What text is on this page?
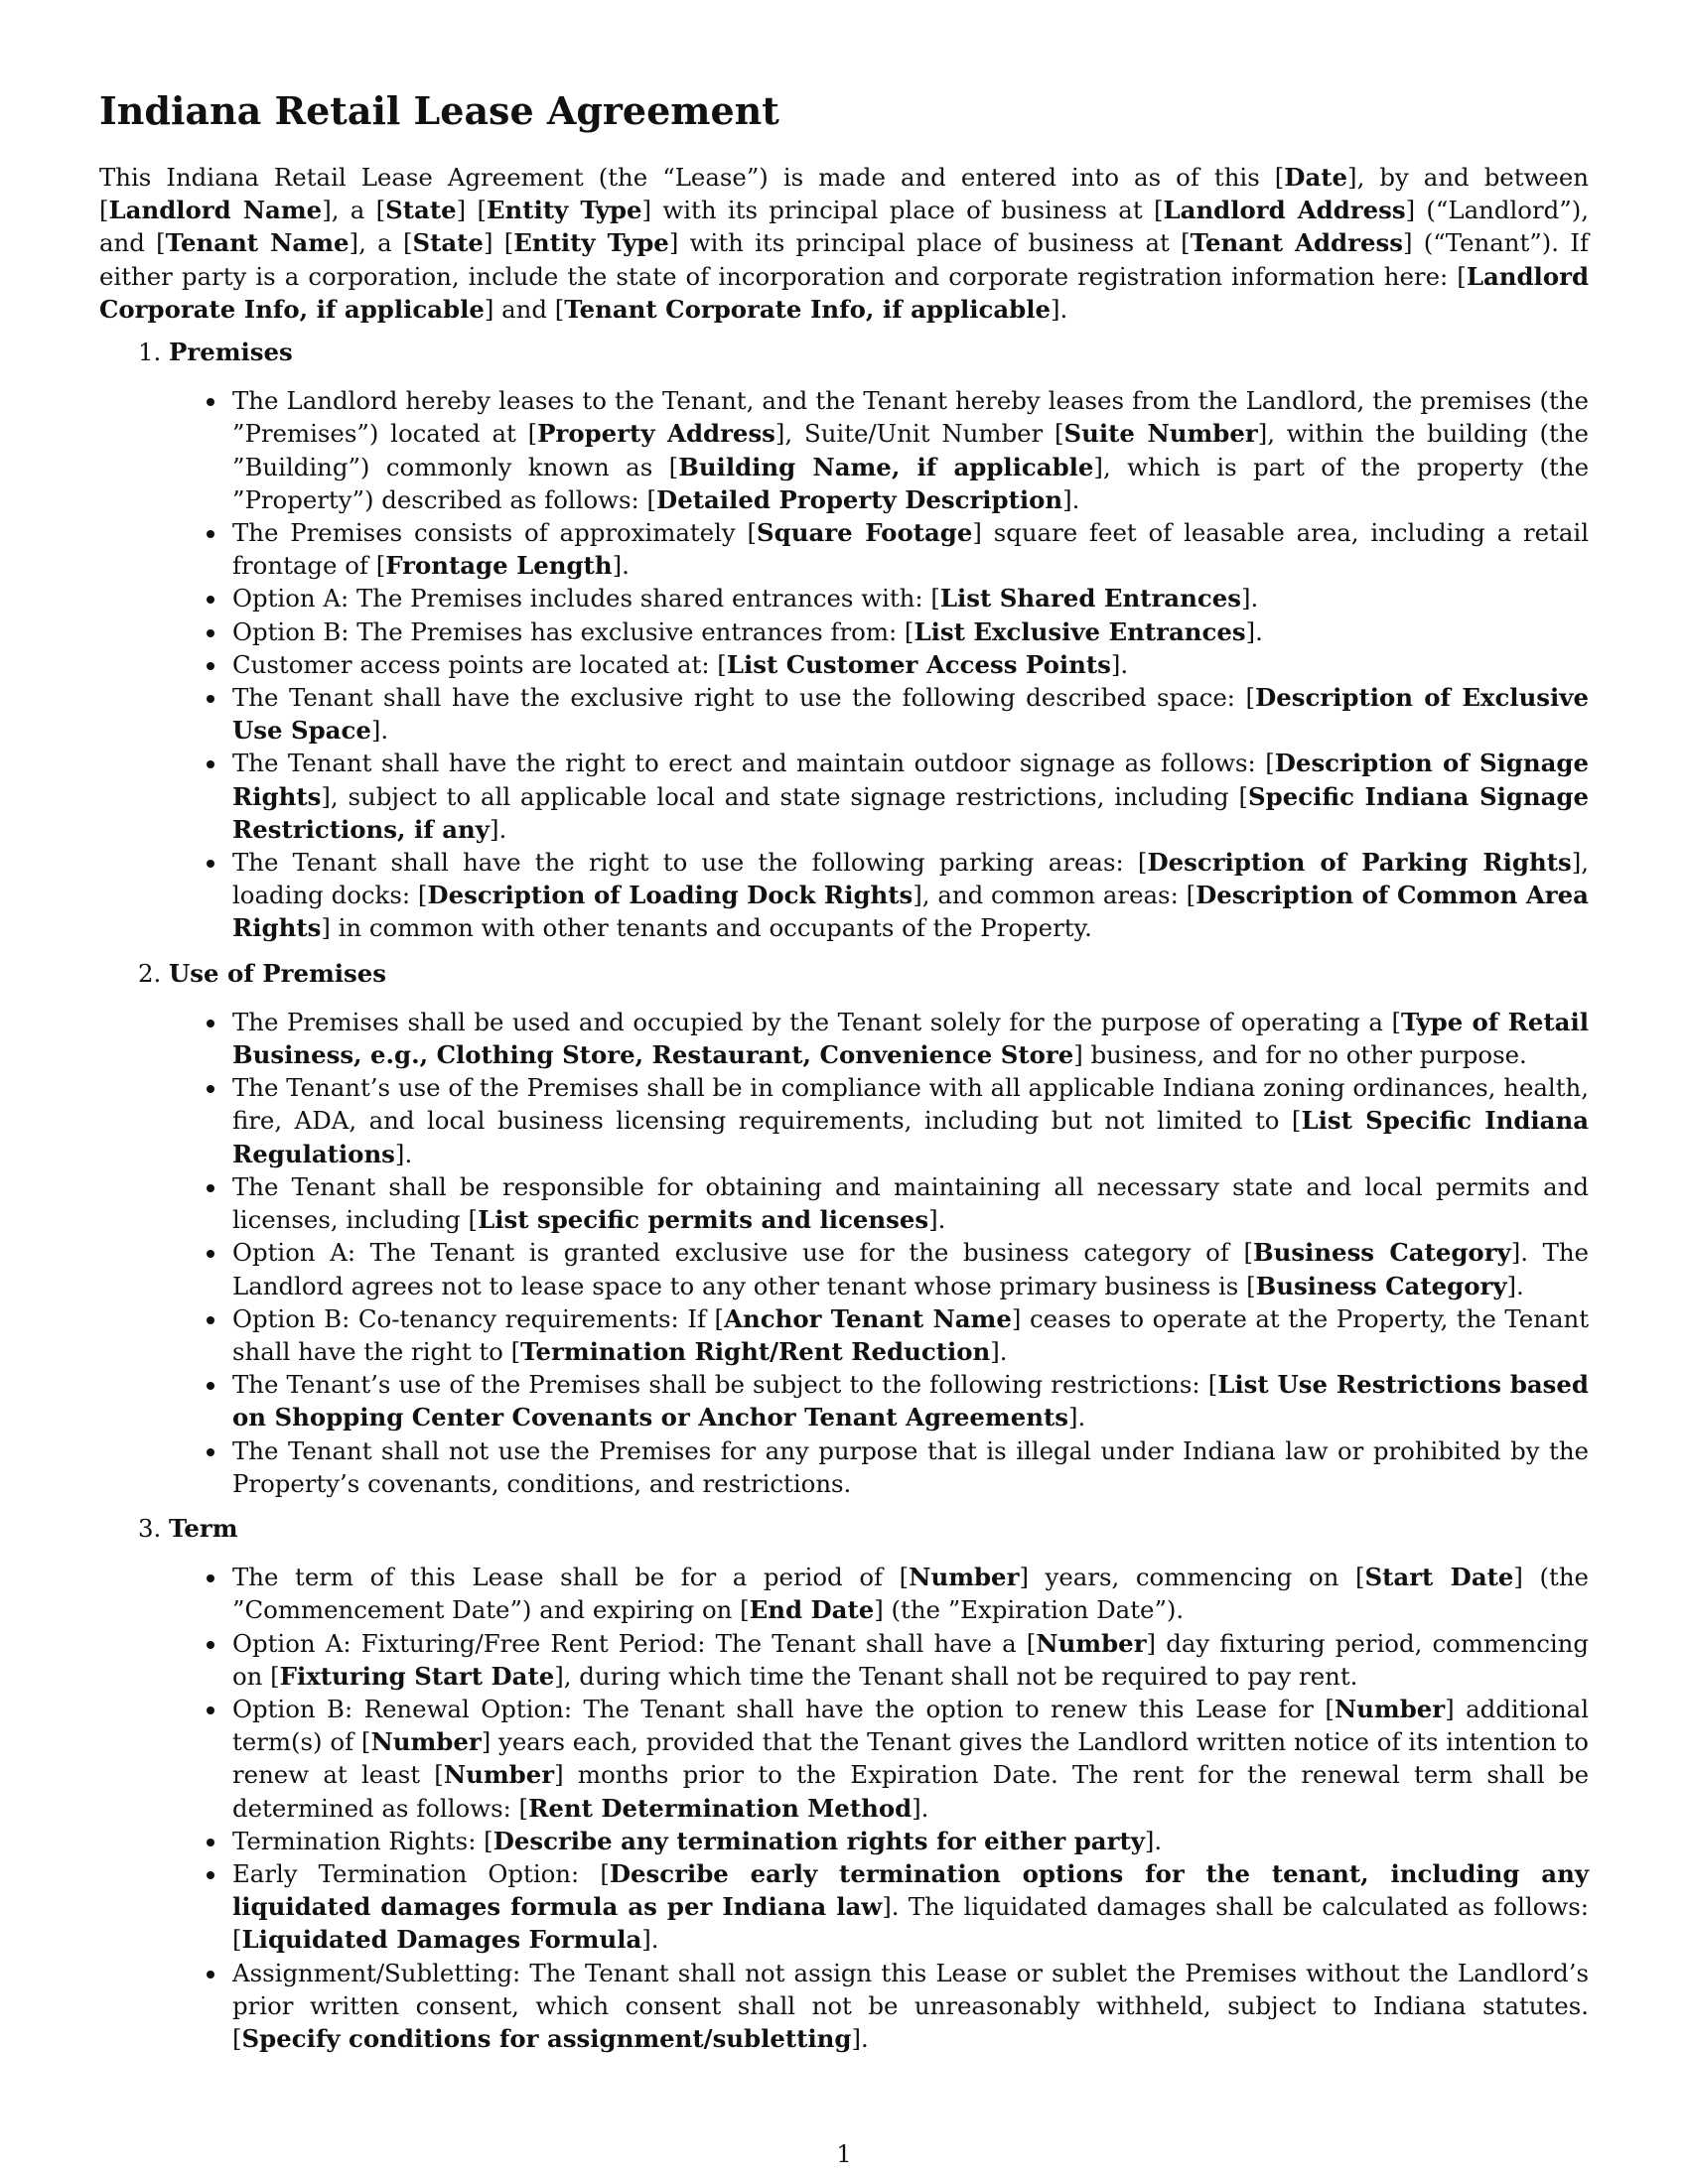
Indiana Retail Lease Agreement

This Indiana Retail Lease Agreement (the “Lease”) is made and entered into as of this [Date], by and between [Landlord Name], a [State] [Entity Type] with its principal place of business at [Landlord Address] (“Landlord”), and [Tenant Name], a [State] [Entity Type] with its principal place of business at [Tenant Address] (“Tenant”). If either party is a corporation, include the state of incorporation and corporate registration information here: [Landlord Corporate Info, if applicable] and [Tenant Corporate Info, if applicable].

1. Premises
• The Landlord hereby leases to the Tenant, and the Tenant hereby leases from the Landlord, the premises (the ”Premises”) located at [Property Address], Suite/Unit Number [Suite Number], within the building (the ”Building”) commonly known as [Building Name, if applicable], which is part of the property (the ”Property”) described as follows: [Detailed Property Description].
• The Premises consists of approximately [Square Footage] square feet of leasable area, including a retail frontage of [Frontage Length].
• Option A: The Premises includes shared entrances with: [List Shared Entrances].
• Option B: The Premises has exclusive entrances from: [List Exclusive Entrances].
• Customer access points are located at: [List Customer Access Points].
• The Tenant shall have the exclusive right to use the following described space: [Description of Exclusive Use Space].
• The Tenant shall have the right to erect and maintain outdoor signage as follows: [Description of Signage Rights], subject to all applicable local and state signage restrictions, including [Specific Indiana Signage Restrictions, if any].
• The Tenant shall have the right to use the following parking areas: [Description of Parking Rights], loading docks: [Description of Loading Dock Rights], and common areas: [Description of Common Area Rights] in common with other tenants and occupants of the Property.
2. Use of Premises
• The Premises shall be used and occupied by the Tenant solely for the purpose of operating a [Type of Retail Business, e.g., Clothing Store, Restaurant, Convenience Store] business, and for no other purpose.
• The Tenant’s use of the Premises shall be in compliance with all applicable Indiana zoning ordinances, health, fire, ADA, and local business licensing requirements, including but not limited to [List Specific Indiana Regulations].
• The Tenant shall be responsible for obtaining and maintaining all necessary state and local permits and licenses, including [List specific permits and licenses].
• Option A: The Tenant is granted exclusive use for the business category of [Business Category]. The Landlord agrees not to lease space to any other tenant whose primary business is [Business Category].
• Option B: Co-tenancy requirements: If [Anchor Tenant Name] ceases to operate at the Property, the Tenant shall have the right to [Termination Right/Rent Reduction].
• The Tenant’s use of the Premises shall be subject to the following restrictions: [List Use Restrictions based on Shopping Center Covenants or Anchor Tenant Agreements].
• The Tenant shall not use the Premises for any purpose that is illegal under Indiana law or prohibited by the Property’s covenants, conditions, and restrictions.
3. Term
• The term of this Lease shall be for a period of [Number] years, commencing on [Start Date] (the ”Commencement Date”) and expiring on [End Date] (the ”Expiration Date”).
• Option A: Fixturing/Free Rent Period: The Tenant shall have a [Number] day fixturing period, commencing on [Fixturing Start Date], during which time the Tenant shall not be required to pay rent.
• Option B: Renewal Option: The Tenant shall have the option to renew this Lease for [Number] additional term(s) of [Number] years each, provided that the Tenant gives the Landlord written notice of its intention to renew at least [Number] months prior to the Expiration Date. The rent for the renewal term shall be determined as follows: [Rent Determination Method].
• Termination Rights: [Describe any termination rights for either party].
• Early Termination Option: [Describe early termination options for the tenant, including any liquidated damages formula as per Indiana law]. The liquidated damages shall be calculated as follows: [Liquidated Damages Formula].
• Assignment/Subletting: The Tenant shall not assign this Lease or sublet the Premises without the Landlord’s prior written consent, which consent shall not be unreasonably withheld, subject to Indiana statutes. [Specify conditions for assignment/subletting].
1
